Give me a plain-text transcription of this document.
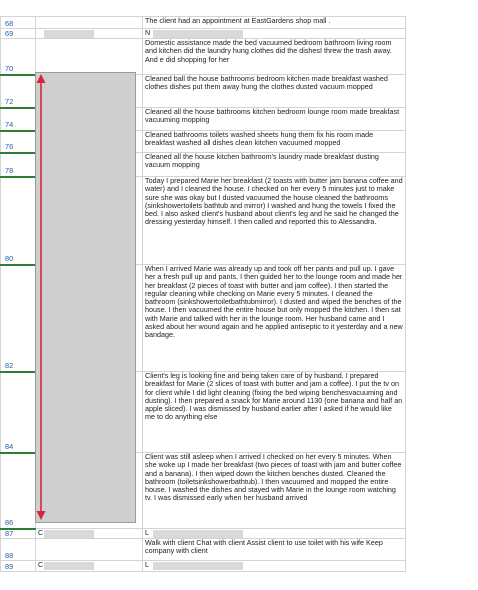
68		The client had an appointment at EastGardens shop mall .

69		N

70		Domestic assistance made the bed vacuumed bedroom bathroom living room and kitchen did the laundry hung clothes did the dishesI threw the trash away. And e did shopping for her

72		Cleaned ball the house bathrooms bedroom kitchen made breakfast washed clothes dishes put them away hung the clothes dusted vacuum mopped

74		Cleaned all the house bathrooms kitchen bedroom lounge room made breakfast vacuuming mopping

76		Cleaned bathrooms toilets washed sheets hung them fix his room made breakfast washed all dishes clean kitchen vacuumed mopped

78		Cleaned all the house kitchen bathroom's laundry made breakfast dusting vacuum mopping

80		Today I prepared Marie her breakfast (2 toasts with butter jam banana coffee and water) and I cleaned the house. I checked on her every 5 minutes just to make sure she was okay but I dusted vacuumed the house cleaned the bathrooms (sinkshowertoilets bathtub and mirror) I washed and hung the towels I fixed the bed. I also asked client's husband about client's leg and he said he changed the dressing yesterday himself. I then called and reported this to Alessandra.

82		When I arrived Marie was already up and took off her pants and pull up. I gave her a fresh pull up and pants. I then guided her to the lounge room and made her her breakfast (2 pieces of toast with butter and jam coffee). I then started the regular cleaning while checking on Marie every 5 minutes. I cleaned the bathroom (sinkshowertoiletbathtubmirror). I dusted and wiped the benches of the house. I then vacuumed the entire house but only mopped the kitchen. I then sat with Marie and talked with her in the lounge room. Her husband came and I asked about her wound again and he applied antiseptic to it yesterday and a new bandage.

84		Client's leg is looking fine and being taken care of by husband. I prepared breakfast for Marie (2 slices of toast with butter and jam a coffee). I put the tv on for client while I did light cleaning (fixing the bed wiping benchesvacuuming and dusting). I then prepared a snack for Marie around 1130 (one banana and half an apple sliced). I was dismissed by husband earlier after I asked if he would like me to do anything else

86		Client was still asleep when I arrived I checked on her every 5 minutes. When she woke up I made her breakfast (two pieces of toast with jam and butter coffee and a banana). I then wiped down the kitchen benches dusted. Cleaned the bathroom (toiletsinkshowerbathtub). I then vacuumed and mopped the entire house. I washed the dishes and stayed with Marie in the lounge room watching tv. I was dismissed early when her husband arrived

87	C	L

88		Walk with client Chat with client Assist client to use toilet with his wife Keep company with client

89	C	L
